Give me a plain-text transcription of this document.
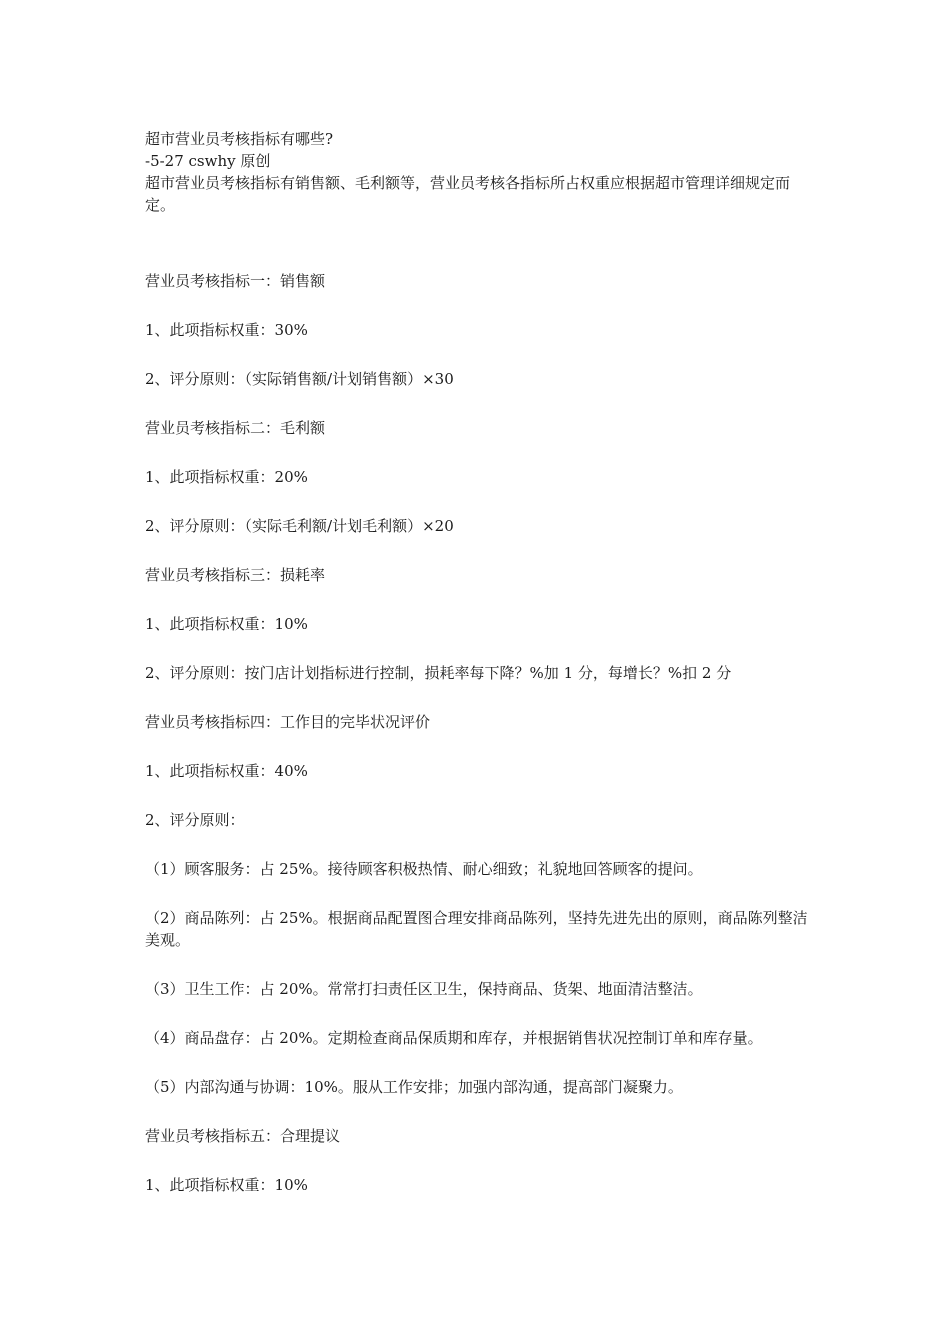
超市营业员考核指标有哪些?

-5-27 cswhy 原创

超市营业员考核指标有销售额、毛利额等，营业员考核各指标所占权重应根据超市管理详细规定而定。

营业员考核指标一：销售额

1、此项指标权重：30%

2、评分原则：（实际销售额/计划销售额）×30

营业员考核指标二：毛利额

1、此项指标权重：20%

2、评分原则：（实际毛利额/计划毛利额）×20

营业员考核指标三：损耗率

1、此项指标权重：10%

2、评分原则：按门店计划指标进行控制，损耗率每下降？%加 1 分，每增长？%扣 2 分

营业员考核指标四：工作目的完毕状况评价

1、此项指标权重：40%

2、评分原则：

（1）顾客服务：占 25%。接待顾客积极热情、耐心细致；礼貌地回答顾客的提问。

（2）商品陈列：占 25%。根据商品配置图合理安排商品陈列，坚持先进先出的原则，商品陈列整洁美观。

（3）卫生工作：占 20%。常常打扫责任区卫生，保持商品、货架、地面清洁整洁。

（4）商品盘存：占 20%。定期检查商品保质期和库存，并根据销售状况控制订单和库存量。

（5）内部沟通与协调：10%。服从工作安排；加强内部沟通，提高部门凝聚力。

营业员考核指标五：合理提议

1、此项指标权重：10%
